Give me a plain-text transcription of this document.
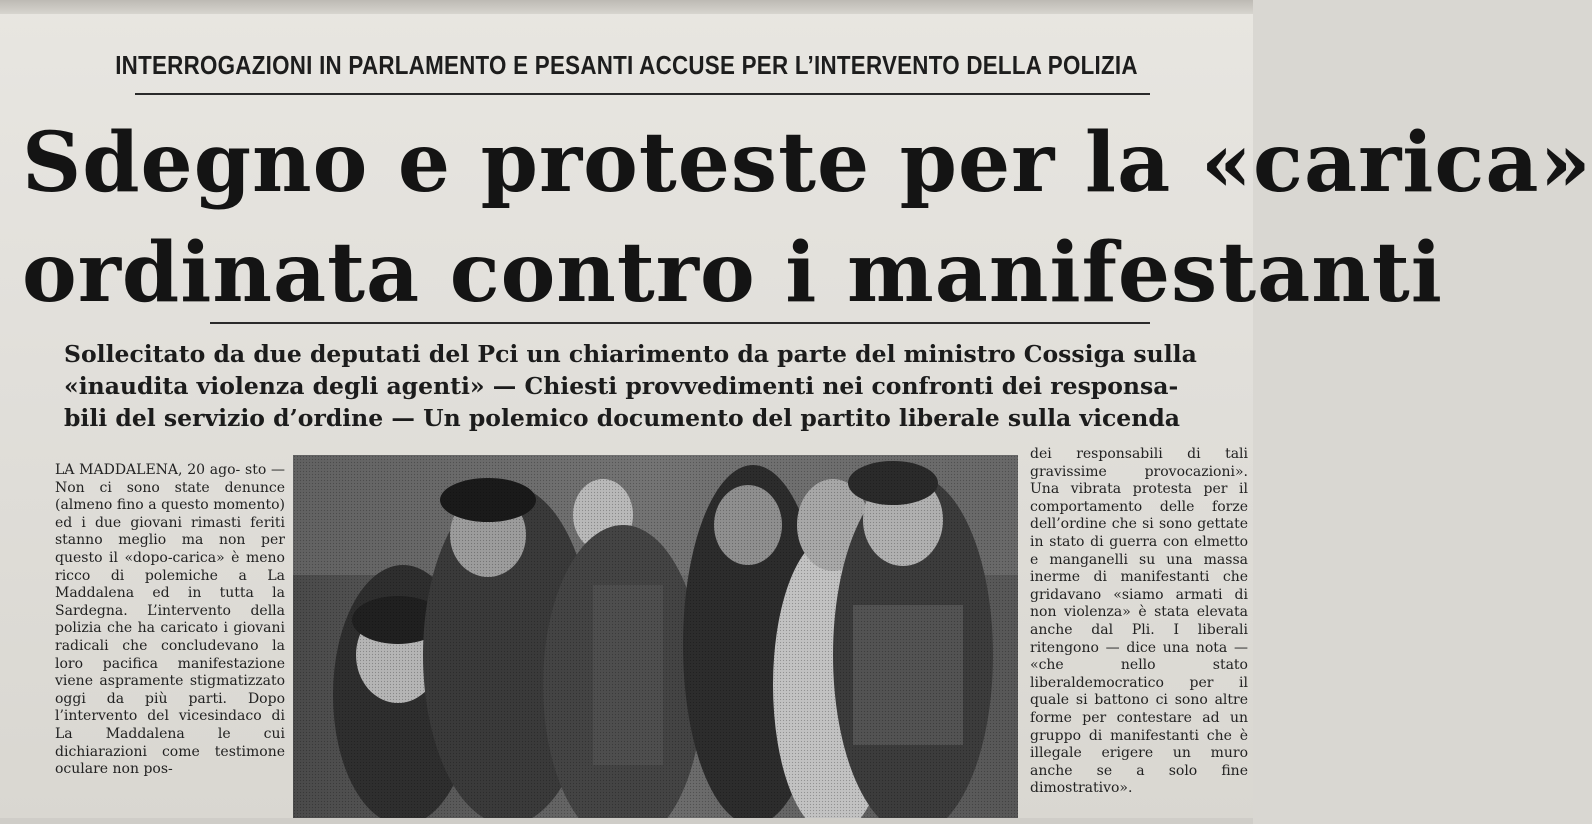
INTERROGAZIONI IN PARLAMENTO E PESANTI ACCUSE PER L’INTERVENTO DELLA POLIZIA
Sdegno e proteste per la «carica»
ordinata contro i manifestanti
Sollecitato da due deputati del Pci un chiarimento da parte del ministro Cossiga sulla
«inaudita violenza degli agenti» — Chiesti provvedimenti nei confronti dei responsa-
bili del servizio d’ordine — Un polemico documento del partito liberale sulla vicenda
LA MADDALENA, 20 ago- sto — Non ci sono state denunce (almeno fino a questo momento) ed i due giovani rimasti feriti stanno meglio ma non per questo il «dopo-carica» è meno ricco di polemiche a La Maddalena ed in tutta la Sardegna. L’intervento della polizia che ha caricato i giovani radicali che concludevano la loro pacifica manifestazione viene aspramente stigmatizzato oggi da più parti. Dopo l’intervento del vicesindaco di La Maddalena le cui dichiarazioni come testimone oculare non pos-
dei responsabili di tali gravissime provocazioni». Una vibrata protesta per il comportamento delle forze dell’ordine che si sono gettate in stato di guerra con elmetto e manganelli su una massa inerme di manifestanti che gridavano «siamo armati di non violenza» è stata elevata anche dal Pli. I liberali ritengono — dice una nota — «che nello stato liberaldemocratico per il quale si battono ci sono altre forme per contestare ad un gruppo di manifestanti che è illegale erigere un muro anche se a solo fine dimostrativo».
